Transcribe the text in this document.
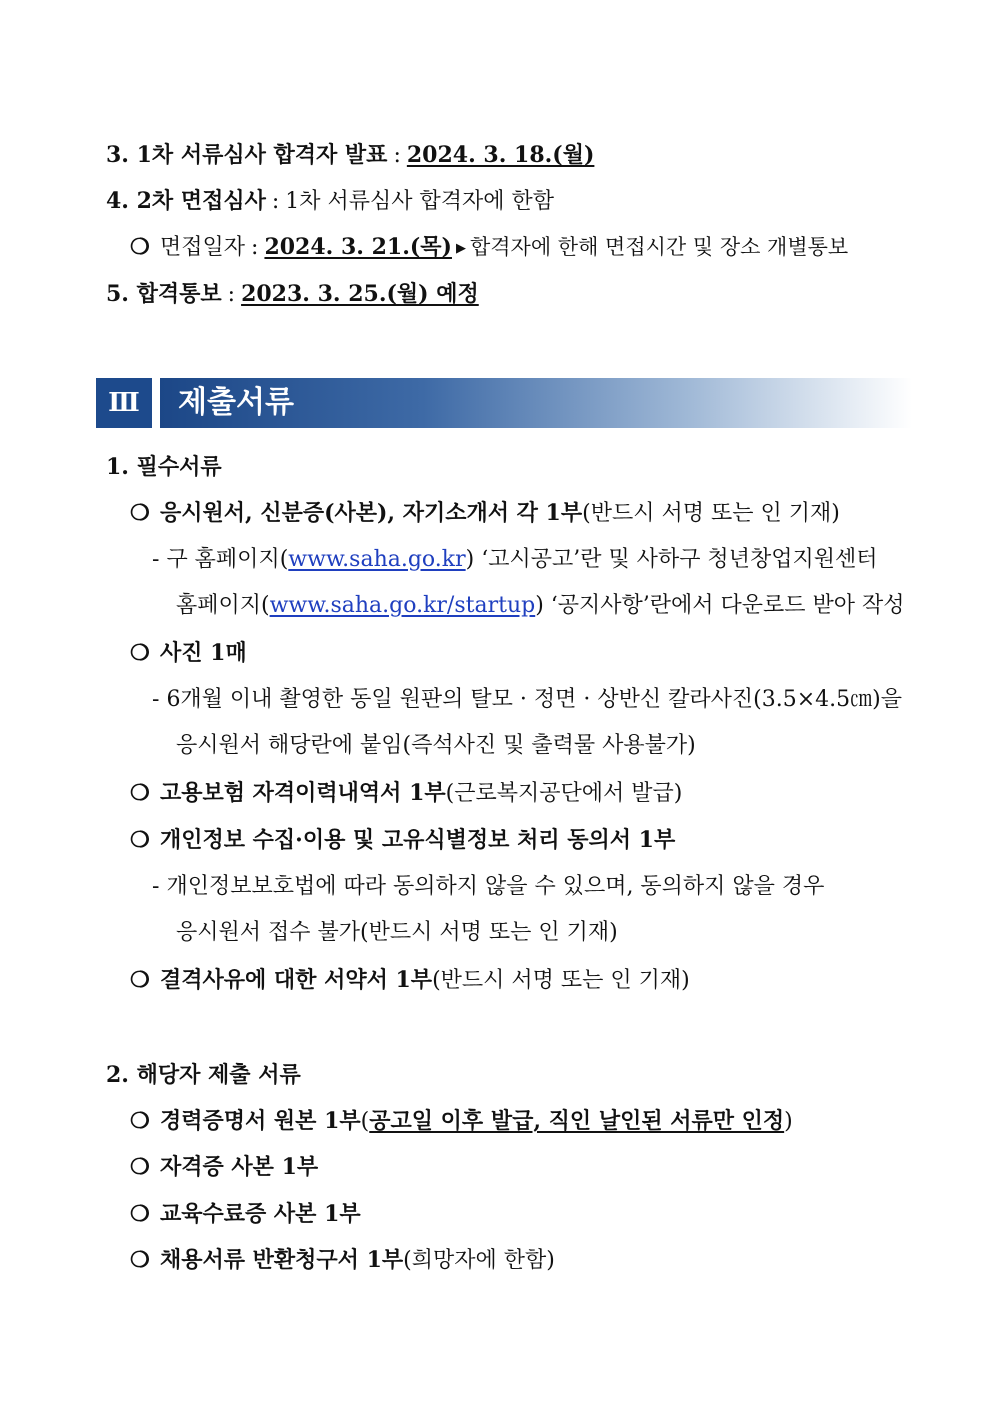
3. 1차 서류심사 합격자 발표 : 2024. 3. 18.(월)
4. 2차 면접심사 : 1차 서류심사 합격자에 한함
❍ 면접일자 : 2024. 3. 21.(목) ▶ 합격자에 한해 면접시간 및 장소 개별통보
5. 합격통보 : 2023. 3. 25.(월) 예정
Ⅲ	제출서류
1. 필수서류
❍ 응시원서, 신분증(사본), 자기소개서 각 1부(반드시 서명 또는 인 기재)
- 구 홈페이지(www.saha.go.kr) ‘고시공고’란 및 사하구 청년창업지원센터
홈페이지(www.saha.go.kr/startup) ‘공지사항’란에서 다운로드 받아 작성
❍ 사진 1매
- 6개월 이내 촬영한 동일 원판의 탈모 · 정면 · 상반신 칼라사진(3.5×4.5㎝)을
응시원서 해당란에 붙임(즉석사진 및 출력물 사용불가)
❍ 고용보험 자격이력내역서 1부(근로복지공단에서 발급)
❍ 개인정보 수집·이용 및 고유식별정보 처리 동의서 1부
- 개인정보보호법에 따라 동의하지 않을 수 있으며, 동의하지 않을 경우
응시원서 접수 불가(반드시 서명 또는 인 기재)
❍ 결격사유에 대한 서약서 1부(반드시 서명 또는 인 기재)
2. 해당자 제출 서류
❍ 경력증명서 원본 1부(공고일 이후 발급, 직인 날인된 서류만 인정)
❍ 자격증 사본 1부
❍ 교육수료증 사본 1부
❍ 채용서류 반환청구서 1부(희망자에 한함)
